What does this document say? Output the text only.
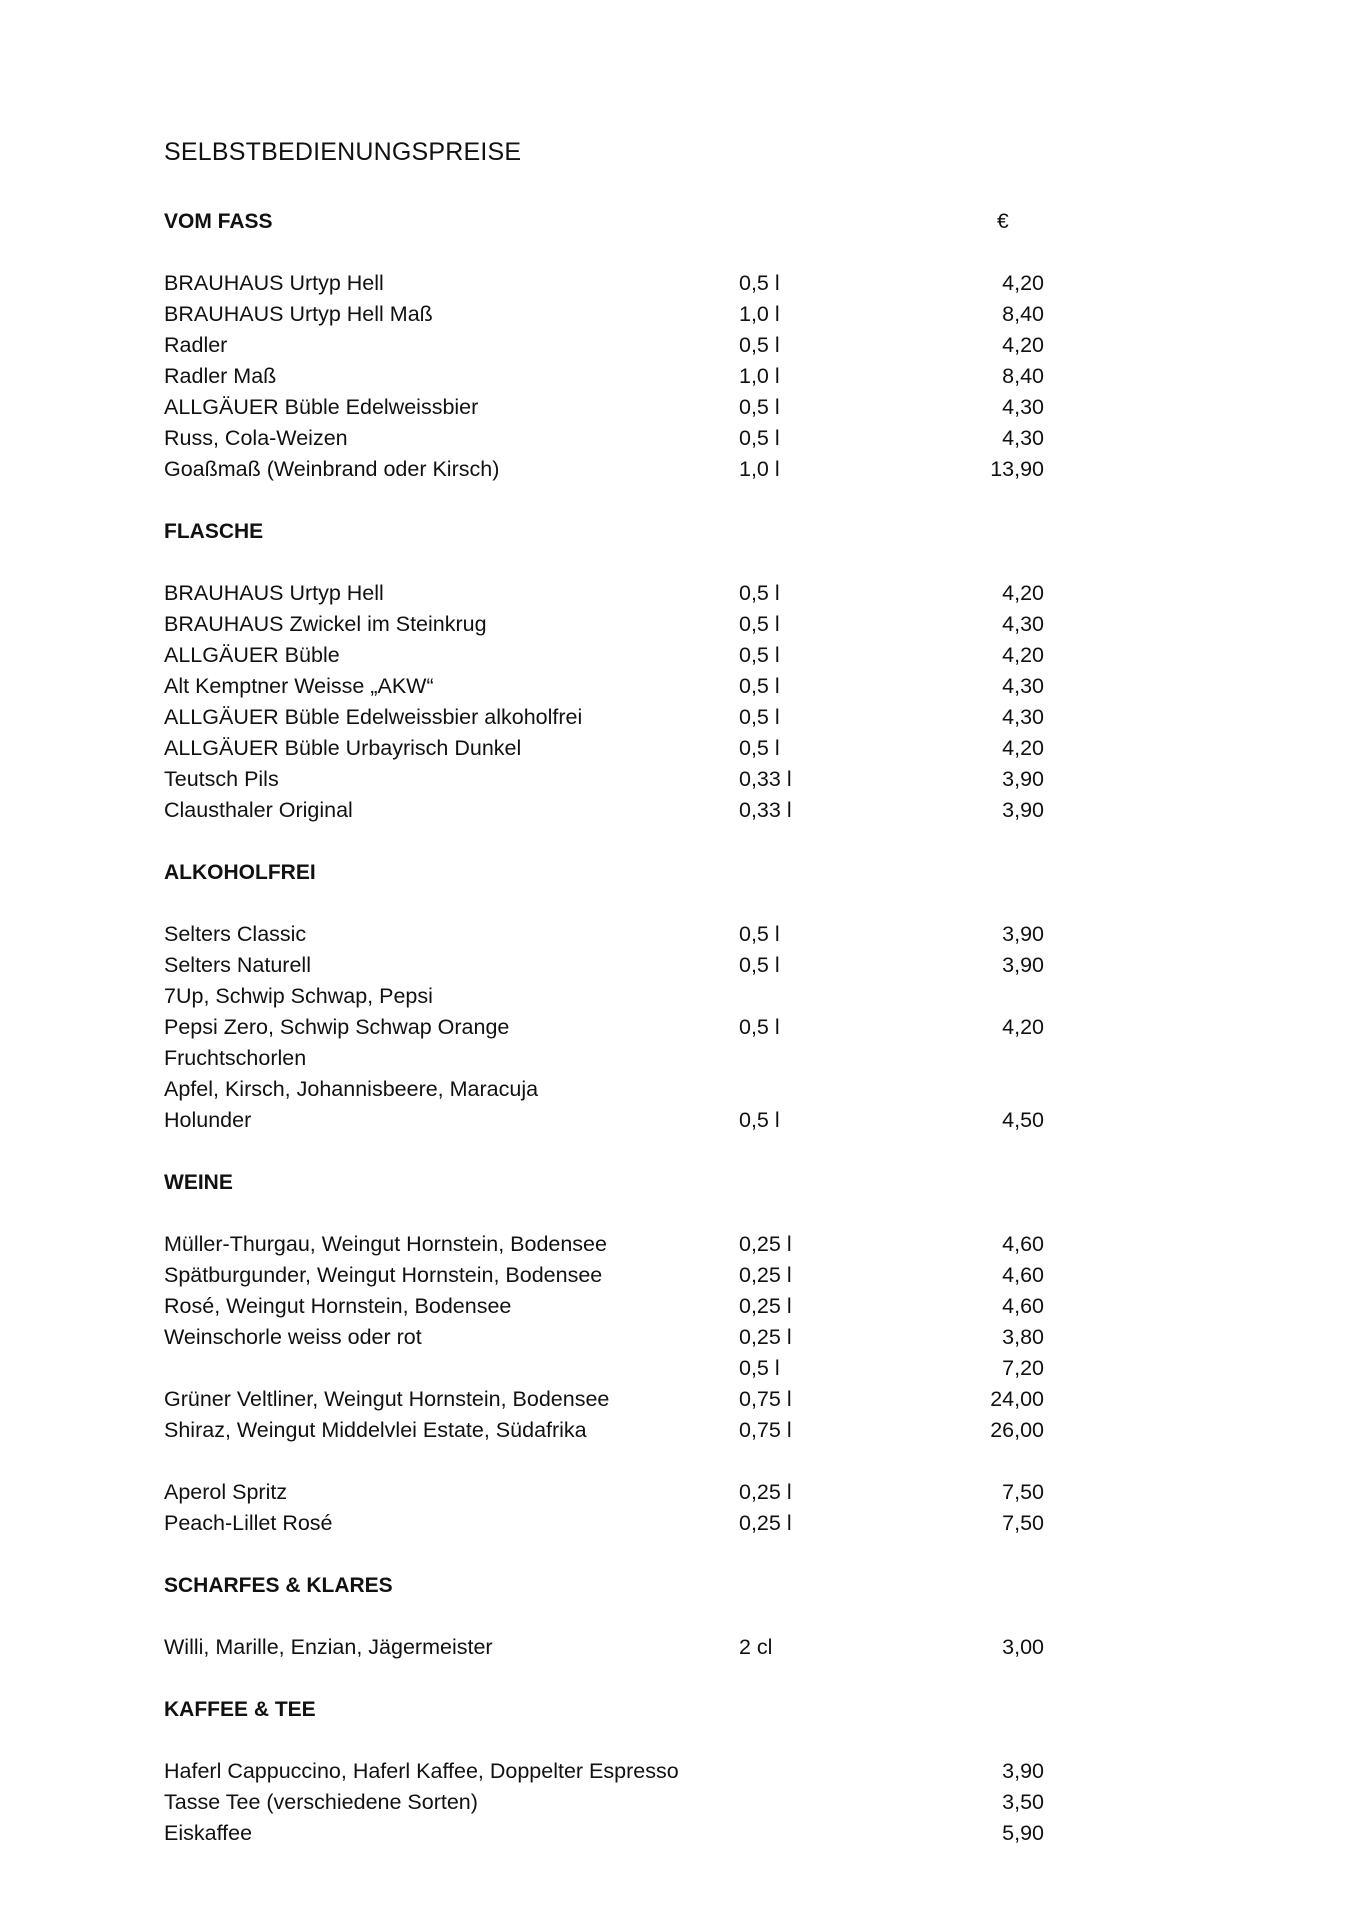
SELBSTBEDIENUNGSPREISE
VOM FASS	€
BRAUHAUS Urtyp Hell	0,5 l	4,20
BRAUHAUS Urtyp Hell Maß	1,0 l	8,40
Radler	0,5 l	4,20
Radler Maß	1,0 l	8,40
ALLGÄUER Büble Edelweissbier	0,5 l	4,30
Russ, Cola-Weizen	0,5 l	4,30
Goaßmaß (Weinbrand oder Kirsch)	1,0 l	13,90
FLASCHE
BRAUHAUS Urtyp Hell	0,5 l	4,20
BRAUHAUS Zwickel im Steinkrug	0,5 l	4,30
ALLGÄUER Büble	0,5 l	4,20
Alt Kemptner Weisse „AKW“	0,5 l	4,30
ALLGÄUER Büble Edelweissbier alkoholfrei	0,5 l	4,30
ALLGÄUER Büble Urbayrisch Dunkel	0,5 l	4,20
Teutsch Pils	0,33 l	3,90
Clausthaler Original	0,33 l	3,90
ALKOHOLFREI
Selters Classic	0,5 l	3,90
Selters Naturell	0,5 l	3,90
7Up, Schwip Schwap, Pepsi
Pepsi Zero, Schwip Schwap Orange	0,5 l	4,20
Fruchtschorlen
Apfel, Kirsch, Johannisbeere, Maracuja
Holunder	0,5 l	4,50
WEINE
Müller-Thurgau, Weingut Hornstein, Bodensee	0,25 l	4,60
Spätburgunder, Weingut Hornstein, Bodensee	0,25 l	4,60
Rosé, Weingut Hornstein, Bodensee	0,25 l	4,60
Weinschorle weiss oder rot	0,25 l	3,80
0,5 l	7,20
Grüner Veltliner, Weingut Hornstein, Bodensee	0,75 l	24,00
Shiraz, Weingut Middelvlei Estate, Südafrika	0,75 l	26,00
Aperol Spritz	0,25 l	7,50
Peach-Lillet Rosé	0,25 l	7,50
SCHARFES & KLARES
Willi, Marille, Enzian, Jägermeister	2 cl	3,00
KAFFEE & TEE
Haferl Cappuccino, Haferl Kaffee, Doppelter Espresso	3,90
Tasse Tee (verschiedene Sorten)	3,50
Eiskaffee	5,90
